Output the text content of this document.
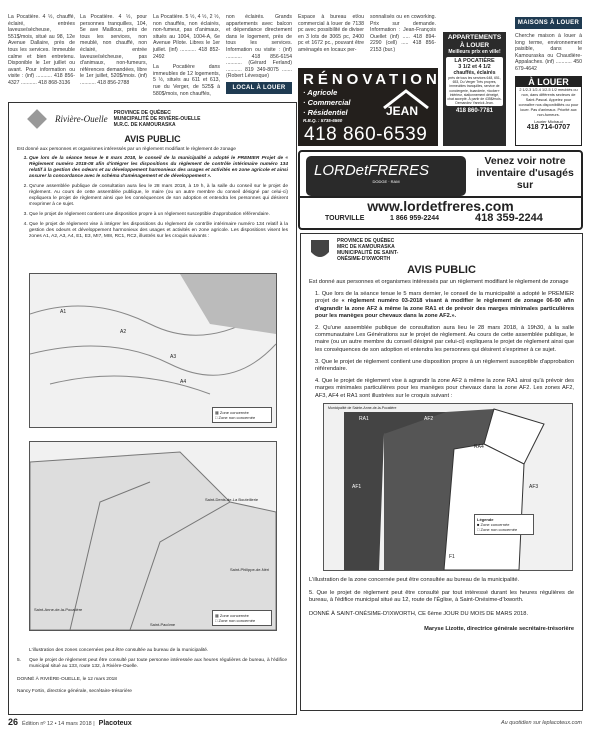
La Pocatière. 4 ½, chauffé, éclairé, entrées laveuse/sécheuse, 551$/mois, situé au 98, 12e Avenue Dallaire, près de tous les services. Immeuble calme et bien entretenu. Disponible le 1er juillet ou avant. Pour information ou visite : (inf) ........... 418 856-4327 ........... 418 868-3136
La Pocatière. 4 ½, pour personnes tranquilles, 104, 5e ave Mailloux, près de tous les services, non meublé, non chauffé, non éclairé, entrée laveuse/sécheuse, pas d'animaux, non-fumeurs, références demandées, libre le 1er juillet, 520$/mois. (inf) ........... 418 856-2788

La Pocatière. 5 ½, 4 ½, 2 ½, non chauffés, non éclairés, non-fumeur, pas d'animaux, situés au 1004, 1004-A, 6e Avenue Pilote. Libres le 1er juillet. (inf) ........... 418 852-2492

La Pocatière dans immeubles de 12 logements, 5 ½, situés au 611 et 613, rue du Verger, de 525$ à 580$/mois, non chauffés,

non éclairés. Grands appartements avec balcon et dépendance directement dans le logement, près de tous les services. Information ou visite : (inf) ........... 418 856-6154 ........... (Gérard Ferland) ........... 819 349-8075 ....... (Robert Lévesque)
LOCAL À LOUER
Espace à bureau et/ou commercial à louer de 7138 pc avec possibilité de diviser en 3 lots de 3065 pc, 2400 pc et 1672 pc., pouvant être aménagés en locaux per-
sonnalisés ou en coworking. Prix sur demande. Information : Jean-François Ouellet (inf) ..... 418 894-2290 (cell) ..... 418 856-2153 (bur.)
MAISONS À LOUER
Cherche maison à louer à long terme, environnement paisible, dans le Kamouraska ou Chaudière-Appalaches. (inf) ........... 450 679-4642
RÉNOVATION
· Agricole
· Commercial
· Résidentiel
R.B.Q. : 5735-6560
JEAN
418 860-6539
APPARTEMENTS À LOUER
Meilleurs prix en ville!
LA POCATIÈRE
3 1/2 et 4 1/2
chauffés, éclairés
près de tous les services 648, 651, 653, Du Verger Très propres, immeubles tranquilles, service de conciergerie, buanderie, «locker» intérieur, stationnement déneigé, chat accepté. À partir de 435$/mois. Demandez Yannick Jean.
418 860-7781
À LOUER
2 1/2-3 1/2-4 1/2-5 1/2 meublés ou non, dans différents secteurs de Saint-Pascal. Appelez pour connaître nos disponibilités ou pour louer. Pas d'animaux. Priorité aux non-fumeurs.
Laurier Michaud
418 714-0707
LORDetFRERES
DODGE · RAM
Venez voir notre inventaire d'usagés sur
www.lordetfreres.com
TOURVILLE	1 866 959-2244	418 359-2244
Rivière-Ouelle
PROVINCE DE QUÉBEC
MUNICIPALITÉ DE RIVIÈRE-OUELLE
M.R.C. DE KAMOURASKA
AVIS PUBLIC
Est donné aux personnes et organismes intéressés par un règlement modifiant le règlement de zonage
1. Que lors de la séance tenue le 6 mars 2018, le conseil de la municipalité a adopté le PREMIER Projet de « Règlement numéro 2018-08 afin d'intégrer les dispositions du règlement de contrôle intérimaire numéro 134 relatif à la gestion des odeurs et au développement harmonieux des usages et activités en zone agricole et ainsi assurer la concordance avec le schéma d'aménagement et de développement ».
2. Qu'une assemblée publique de consultation aura lieu le 28 mars 2018, à 19 h, à la salle du conseil sur le projet de règlement. Au cours de cette assemblée publique, le maire (ou un autre membre du conseil désigné par celui-ci) expliquera le projet de règlement ainsi que les conséquences de son adoption et entendra les personnes qui désirent s'exprimer à ce sujet.
3. Que le projet de règlement contient une disposition propre à un règlement susceptible d'approbation référendaire.
4. Que le projet de règlement vise à intégrer les dispositions du règlement de contrôle intérimaire numéro 134 relatif à la gestion des odeurs et développement harmonieux des usages et activités en zone agricole. Les dispositions visent les zones A1, A2, A3, A4, E1, E3, MI7, MI8, RC1, RC2, illustrés sur les croquis suivants :
A1
A2
A3
A4
▦ Zone concernée
□ Zone non concernée
Saint-Denis-de-La Bouteillerie
Saint-Anne-de-la-Pocatière
Saint-Pacôme
Saint-Philippe-de-Néri
▦ Zone concernée
□ Zone non concernée
L'illustration des zones concernées peut être consultée au bureau de la municipalité.
5. Que le projet de règlement peut être consulté par toute personne intéressée aux heures régulières de bureau, à l'édifice municipal situé au 133, route 132, à Rivière-Ouelle.
DONNÉ À RIVIÈRE-OUELLE, le 12 mars 2018
Nancy Fortin, directrice générale, secrétaire-trésorière
PROVINCE DE QUÉBEC
MRC DE KAMOURASKA
MUNICIPALITÉ DE SAINT-ONÉSIME-D'IXWORTH
AVIS PUBLIC
Est donné aux personnes et organismes intéressés par un règlement modifiant le règlement de zonage
1. Que lors de la séance tenue le 5 mars dernier, le conseil de la municipalité a adopté le PREMIER projet de « règlement numéro 03-2018 visant à modifier le règlement de zonage 06-90 afin d'agrandir la zone AF2 à même la zone RA1 et de prévoir des marges minimales particulières pour les manèges pour chevaux dans la zone AF2.».
2. Qu'une assemblée publique de consultation aura lieu le 28 mars 2018, à 19h30, à la salle communautaire Les Générations sur le projet de règlement. Au cours de cette assemblée publique, le maire (ou un autre membre du conseil désigné par celui-ci) expliquera le projet de règlement ainsi que les conséquences de son adoption et entendra les personnes qui désirent s'exprimer à ce sujet.
3. Que le projet de règlement contient une disposition propre à un règlement susceptible d'approbation référendaire.
4. Que le projet de règlement vise à agrandir la zone AF2 à même la zone RA1 ainsi qu'à prévoir des marges minimales particulières pour les manèges pour chevaux dans la zone AF2. Les zones AF2, AF3, AF4 et RA1 sont illustrées sur le croquis suivant :
Municipalité de Sainte-Anne-de-la-Pocatière
RA1	AF2
AF1	AF3
RA4
F1
Légende
■ Zone concernée
□ Zone non concernée
L'illustration de la zone concernée peut être consultée au bureau de la municipalité.
5. Que le projet de règlement peut être consulté par tout intéressé durant les heures régulières de bureau, à l'édifice municipal situé au 12, route de l'Église, à Saint-Onésime-d'Ixworth.
DONNÉ À SAINT-ONÉSIME-D'IXWORTH, CE 6ème JOUR DU MOIS DE MARS 2018.
Maryse Lizotte, directrice générale secrétaire-trésorière
26 Édition nº 12 • 14 mars 2018 | Placoteux	Au quotidien sur leplacoteux.com
